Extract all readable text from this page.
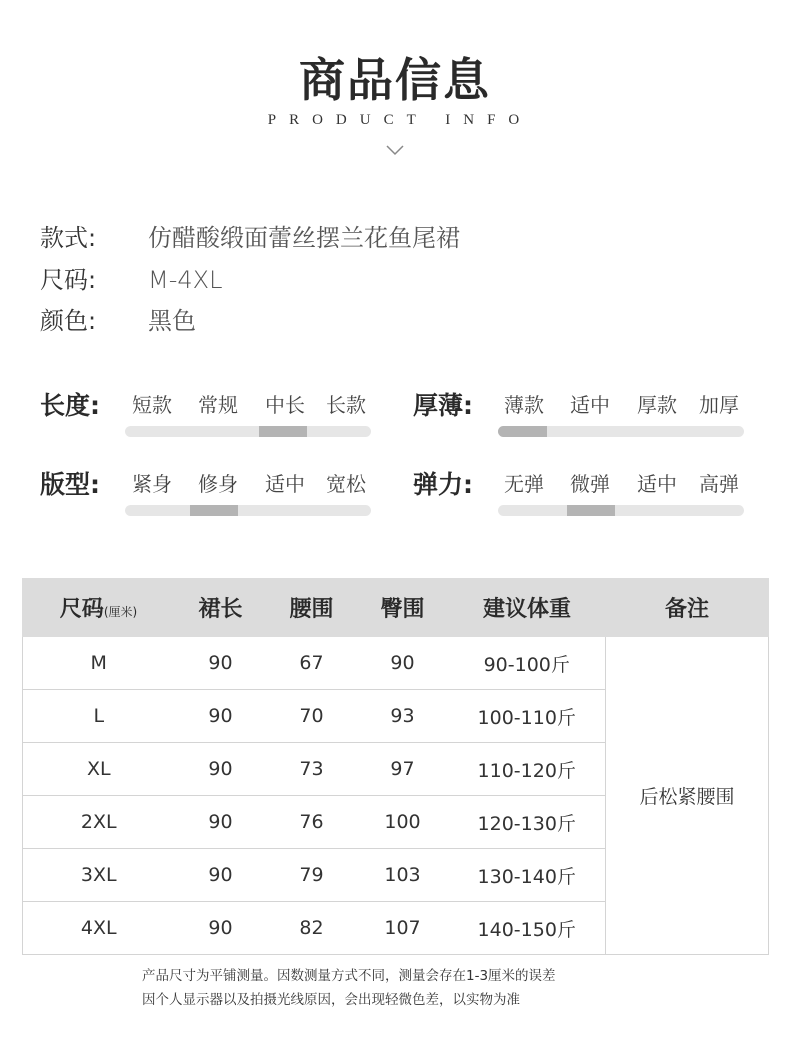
商品信息
PRODUCT INFO
款式: 仿醋酸缎面蕾丝摆兰花鱼尾裙
尺码: M-4XL
颜色: 黑色
长度:	短款	常规	中长	长款	厚薄:	薄款	适中	厚款	加厚
版型:	紧身	修身	适中	宽松	弹力:	无弹	微弹	适中	高弹
尺码(厘米)	裙长	腰围	臀围	建议体重	备注
M	90	67	90	90-100斤	后松紧腰围
L	90	70	93	100-110斤	
XL	90	73	97	110-120斤	
2XL	90	76	100	120-130斤	
3XL	90	79	103	130-140斤	
4XL	90	82	107	140-150斤	
产品尺寸为平铺测量。因数测量方式不同，测量会存在1-3厘米的误差
因个人显示器以及拍摄光线原因，会出现轻微色差，以实物为准
